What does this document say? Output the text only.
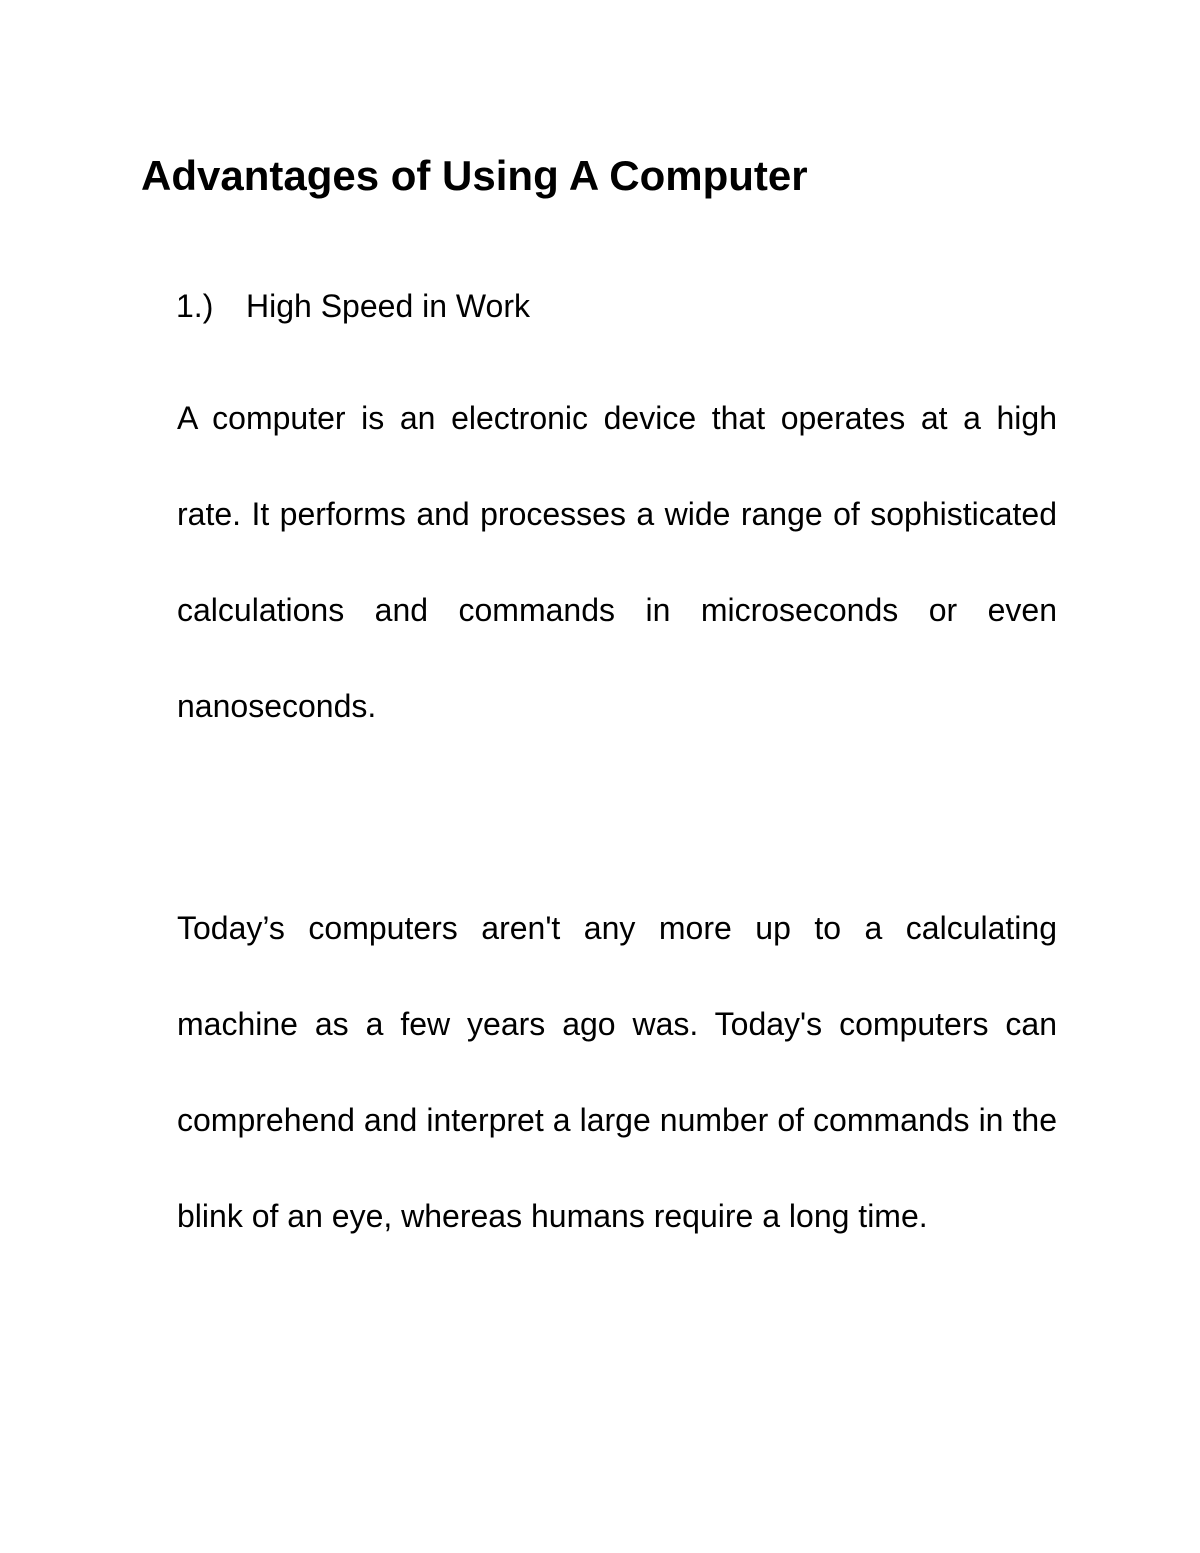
Advantages of Using A Computer
1.) High Speed in Work

A computer is an electronic device that operates at a high rate. It performs and processes a wide range of sophisticated calculations and commands in microseconds or even nanoseconds.

Today’s computers aren't any more up to a calculating machine as a few years ago was. Today's computers can comprehend and interpret a large number of commands in the blink of an eye, whereas humans require a long time.
